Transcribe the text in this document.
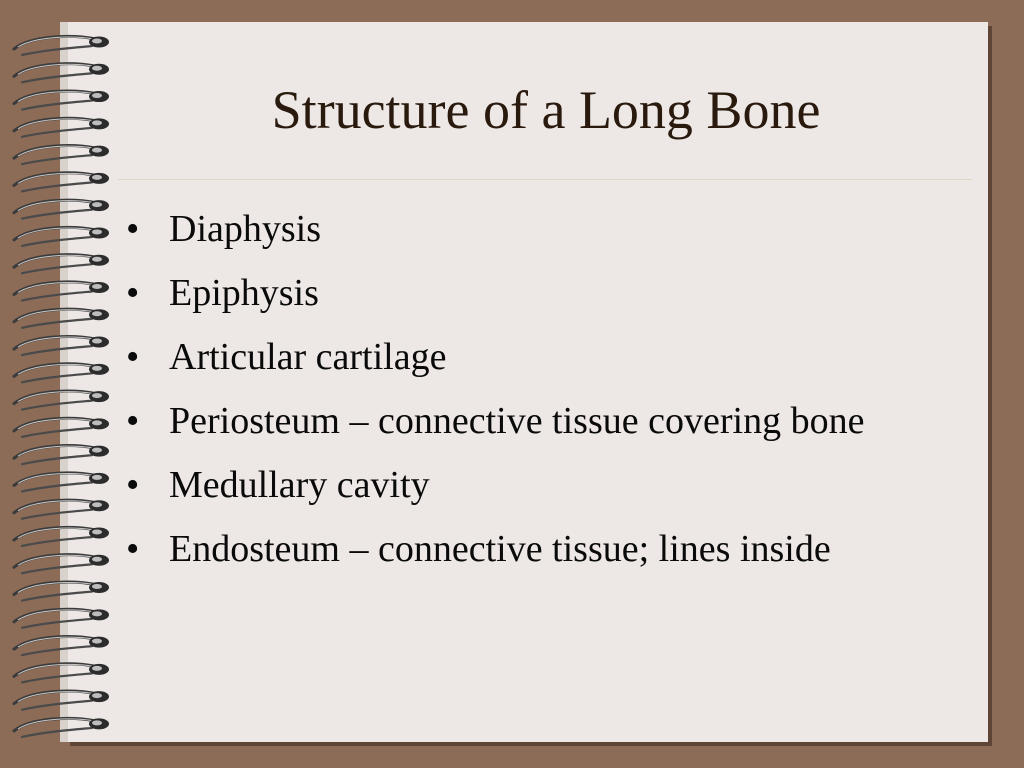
Structure of a Long Bone
• Diaphysis
• Epiphysis
• Articular cartilage
• Periosteum – connective tissue covering bone
• Medullary cavity
• Endosteum – connective tissue; lines inside
